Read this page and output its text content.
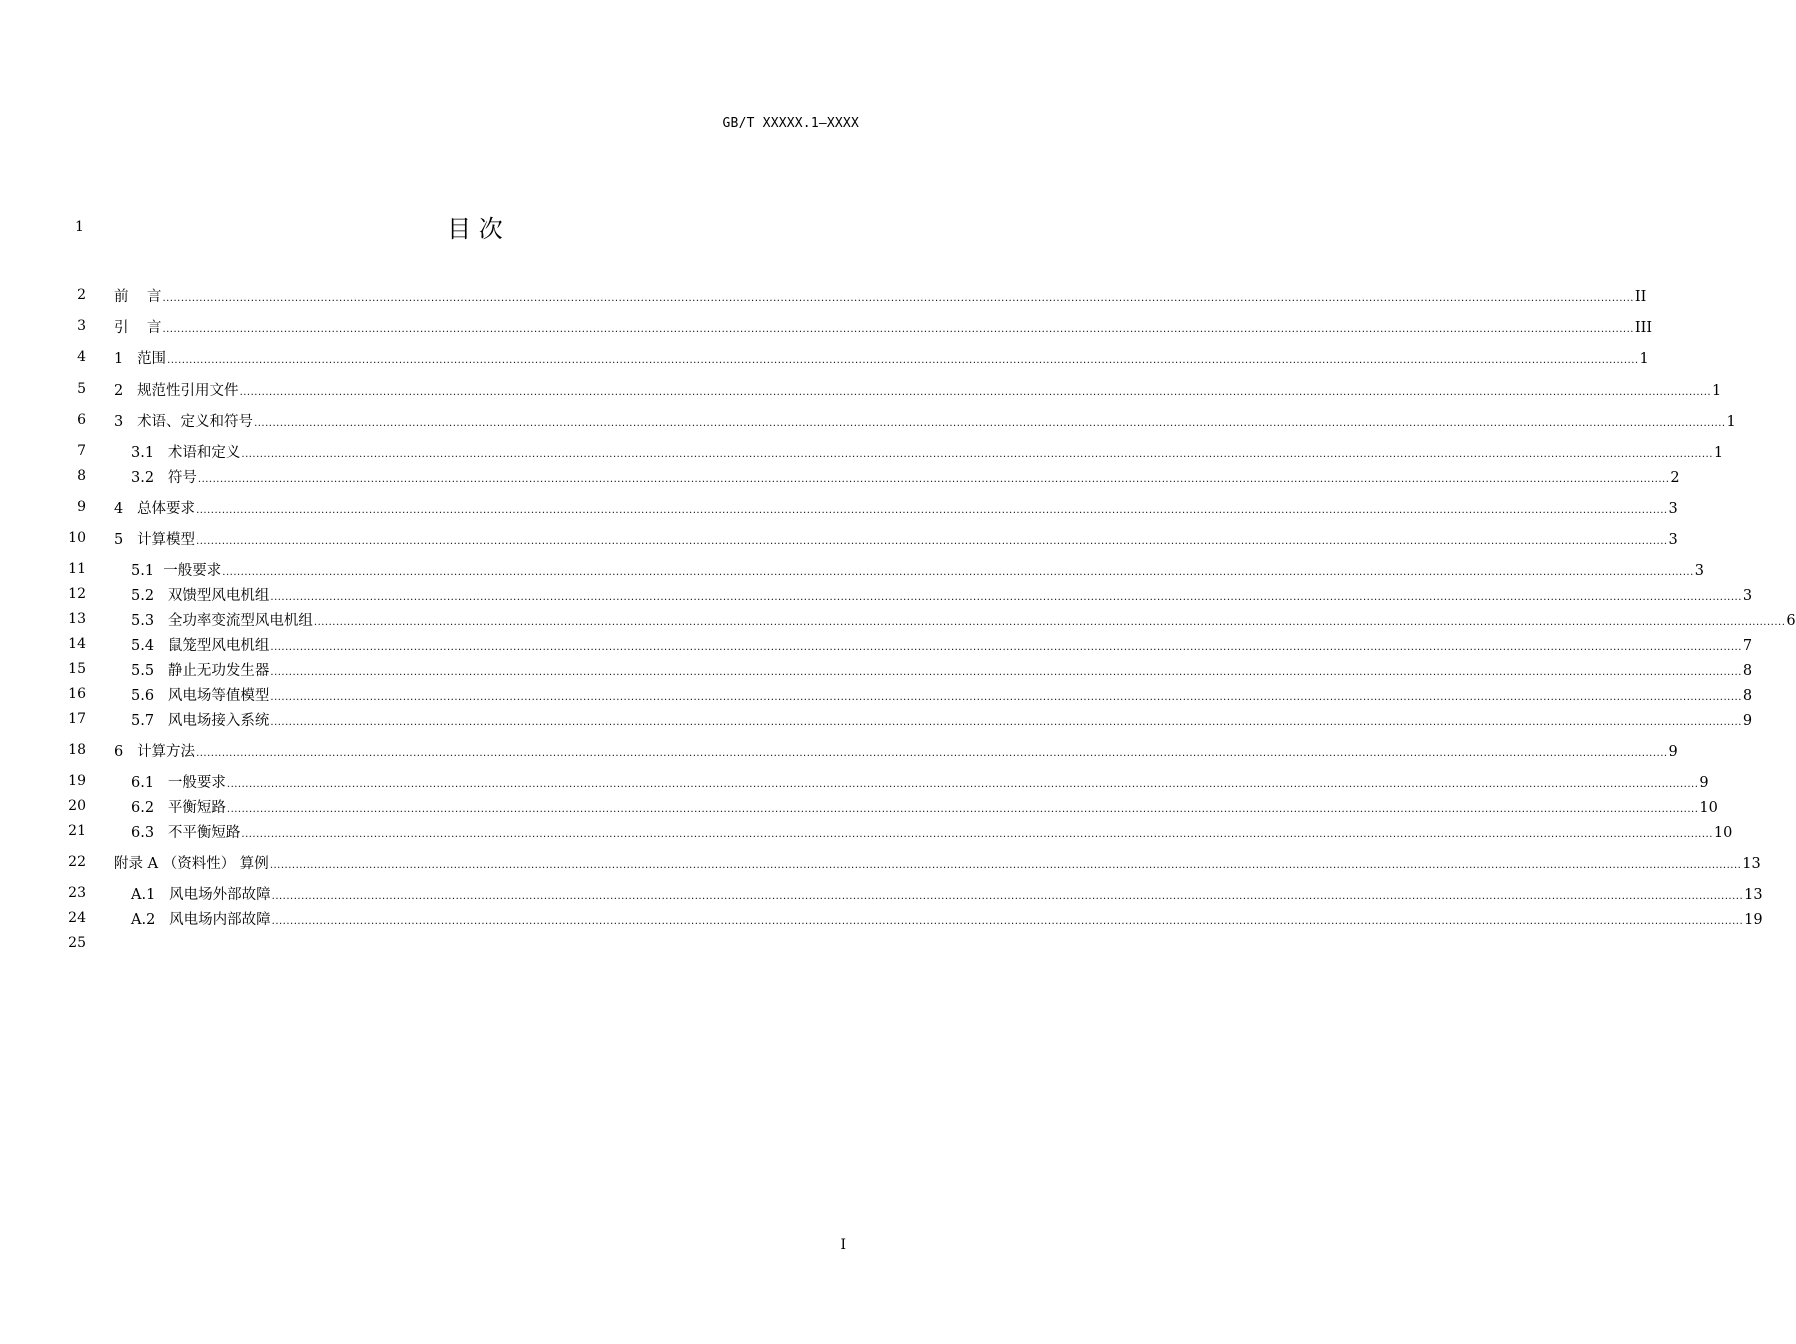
GB/T XXXXX.1—XXXX
1	目 次
2 前    言 ................................................................................................................................................................................................................................................................................................................................................................................................................ II
3 引    言 ................................................................................................................................................................................................................................................................................................................................................................................................................ III
4 1 范围 ................................................................................................................................................................................................................................................................................................................................................................................................................ 1
5 2 规范性引用文件 ................................................................................................................................................................................................................................................................................................................................................................................................................ 1
6 3 术语、定义和符号 ................................................................................................................................................................................................................................................................................................................................................................................................................ 1
7	3.1 术语和定义 ................................................................................................................................................................................................................................................................................................................................................................................................................ 1
8	3.2 符号 ................................................................................................................................................................................................................................................................................................................................................................................................................ 2
9 4 总体要求 ................................................................................................................................................................................................................................................................................................................................................................................................................ 3
10 5 计算模型 ................................................................................................................................................................................................................................................................................................................................................................................................................ 3
11	5.1 一般要求 ................................................................................................................................................................................................................................................................................................................................................................................................................ 3
12	5.2 双馈型风电机组 ................................................................................................................................................................................................................................................................................................................................................................................................................ 3
13	5.3 全功率变流型风电机组 ................................................................................................................................................................................................................................................................................................................................................................................................................ 6
14	5.4 鼠笼型风电机组 ................................................................................................................................................................................................................................................................................................................................................................................................................ 7
15	5.5 静止无功发生器 ................................................................................................................................................................................................................................................................................................................................................................................................................ 8
16	5.6 风电场等值模型 ................................................................................................................................................................................................................................................................................................................................................................................................................ 8
17	5.7 风电场接入系统 ................................................................................................................................................................................................................................................................................................................................................................................................................ 9
18 6 计算方法 ................................................................................................................................................................................................................................................................................................................................................................................................................ 9
19	6.1 一般要求 ................................................................................................................................................................................................................................................................................................................................................................................................................ 9
20	6.2 平衡短路 ................................................................................................................................................................................................................................................................................................................................................................................................................ 10
21	6.3 不平衡短路 ................................................................................................................................................................................................................................................................................................................................................................................................................ 10
22 附录 A （资料性） 算例 ................................................................................................................................................................................................................................................................................................................................................................................................................ 13
23	A.1 风电场外部故障 ................................................................................................................................................................................................................................................................................................................................................................................................................ 13
24	A.2 风电场内部故障 ................................................................................................................................................................................................................................................................................................................................................................................................................ 19
25
I
